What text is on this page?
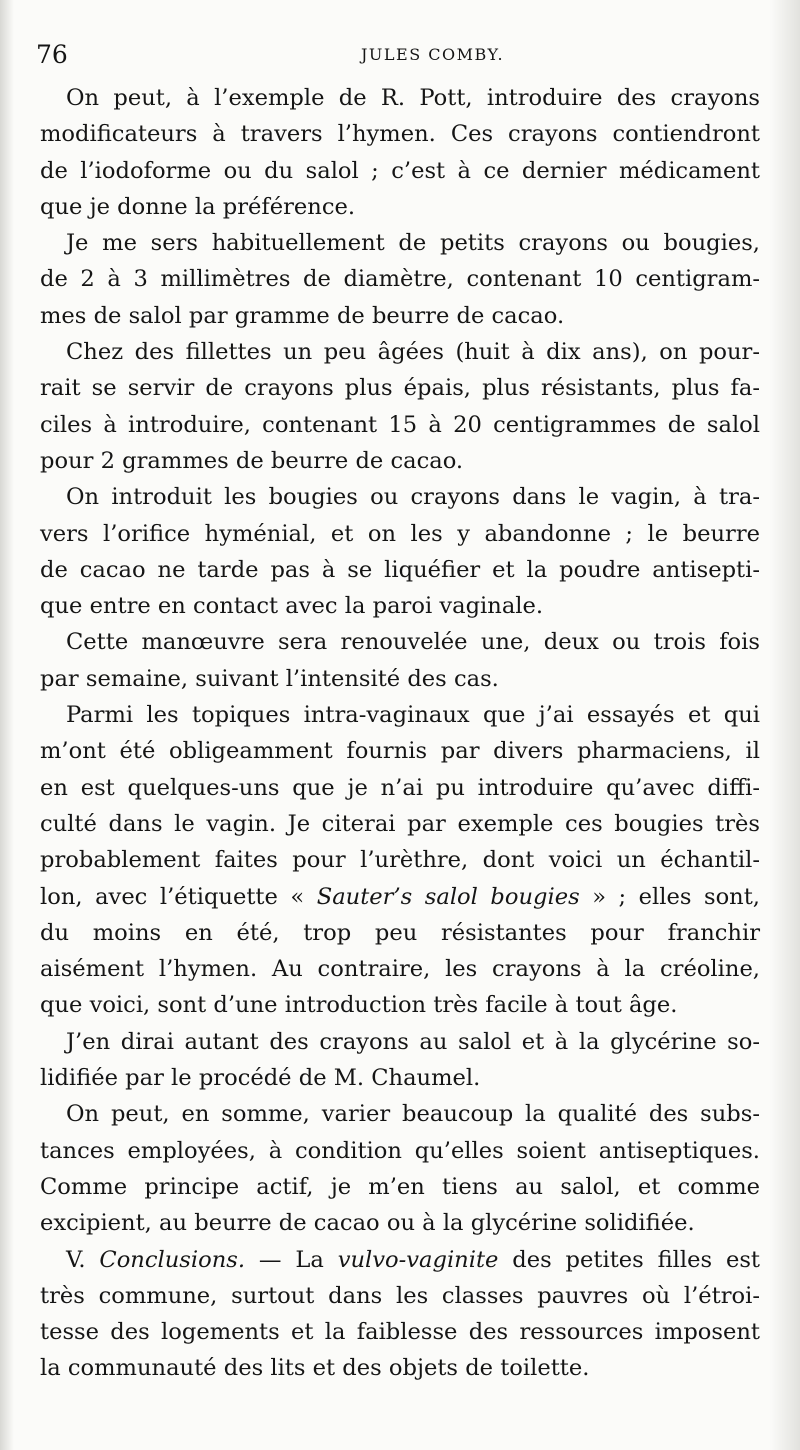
76	JULES COMBY.
On peut, à l’exemple de R. Pott, introduire des crayons
modificateurs à travers l’hymen. Ces crayons contiendront
de l’iodoforme ou du salol ; c’est à ce dernier médicament
que je donne la préférence.
Je me sers habituellement de petits crayons ou bougies,
de 2 à 3 millimètres de diamètre, contenant 10 centigram-
mes de salol par gramme de beurre de cacao.
Chez des fillettes un peu âgées (huit à dix ans), on pour-
rait se servir de crayons plus épais, plus résistants, plus fa-
ciles à introduire, contenant 15 à 20 centigrammes de salol
pour 2 grammes de beurre de cacao.
On introduit les bougies ou crayons dans le vagin, à tra-
vers l’orifice hyménial, et on les y abandonne ; le beurre
de cacao ne tarde pas à se liquéfier et la poudre antisepti-
que entre en contact avec la paroi vaginale.
Cette manœuvre sera renouvelée une, deux ou trois fois
par semaine, suivant l’intensité des cas.
Parmi les topiques intra-vaginaux que j’ai essayés et qui
m’ont été obligeamment fournis par divers pharmaciens, il
en est quelques-uns que je n’ai pu introduire qu’avec diffi-
culté dans le vagin. Je citerai par exemple ces bougies très
probablement faites pour l’urèthre, dont voici un échantil-
lon, avec l’étiquette « Sauter’s salol bougies » ; elles sont,
du moins en été, trop peu résistantes pour franchir
aisément l’hymen. Au contraire, les crayons à la créoline,
que voici, sont d’une introduction très facile à tout âge.
J’en dirai autant des crayons au salol et à la glycérine so-
lidifiée par le procédé de M. Chaumel.
On peut, en somme, varier beaucoup la qualité des subs-
tances employées, à condition qu’elles soient antiseptiques.
Comme principe actif, je m’en tiens au salol, et comme
excipient, au beurre de cacao ou à la glycérine solidifiée.
V. Conclusions. — La vulvo-vaginite des petites filles est
très commune, surtout dans les classes pauvres où l’étroi-
tesse des logements et la faiblesse des ressources imposent
la communauté des lits et des objets de toilette.
